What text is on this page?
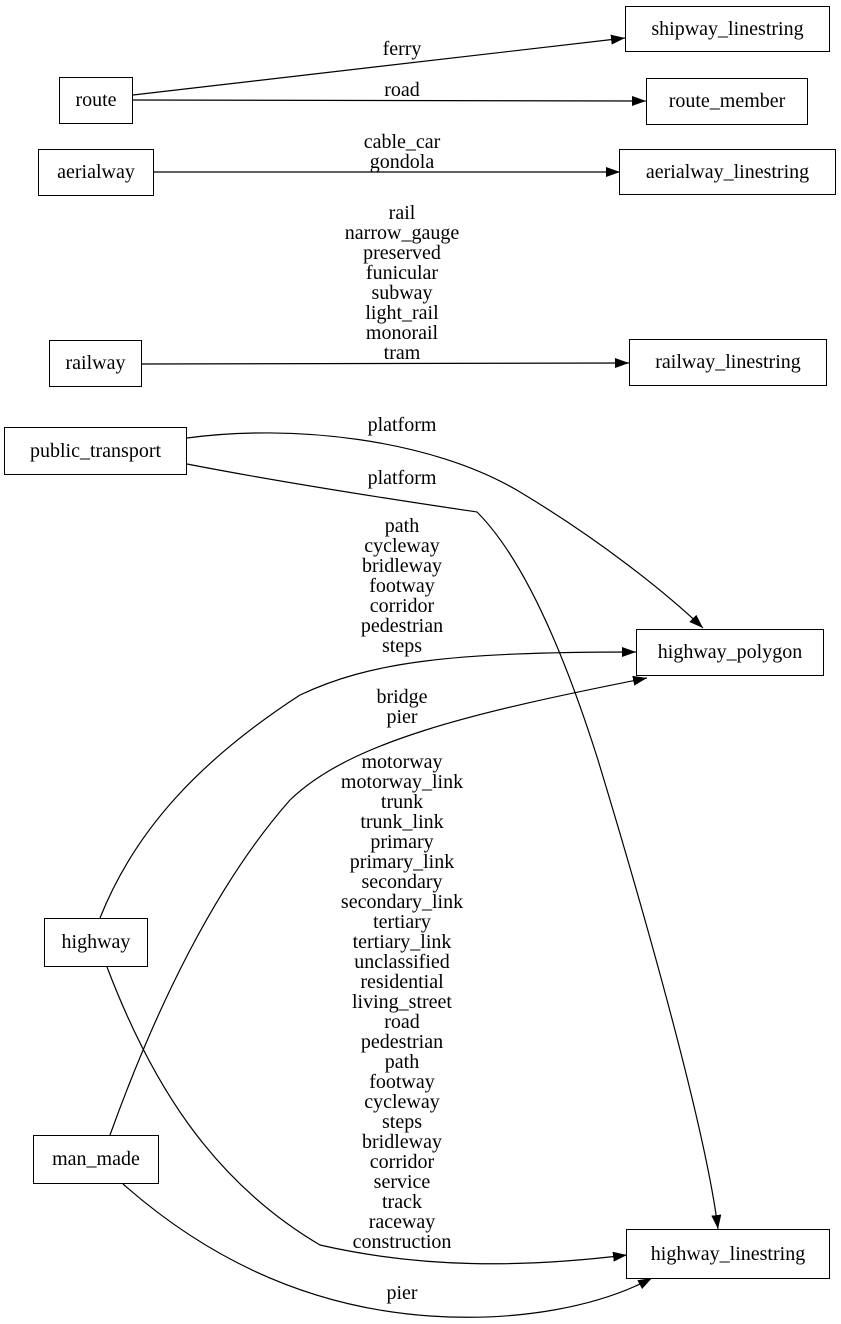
route
aerialway
railway
public_transport
highway
man_made
shipway_linestring
route_member
aerialway_linestring
railway_linestring
highway_polygon
highway_linestring
ferry
road
cable_car
gondola
rail
narrow_gauge
preserved
funicular
subway
light_rail
monorail
tram
platform
platform
path
cycleway
bridleway
footway
corridor
pedestrian
steps
bridge
pier
motorway
motorway_link
trunk
trunk_link
primary
primary_link
secondary
secondary_link
tertiary
tertiary_link
unclassified
residential
living_street
road
pedestrian
path
footway
cycleway
steps
bridleway
corridor
service
track
raceway
construction
pier
